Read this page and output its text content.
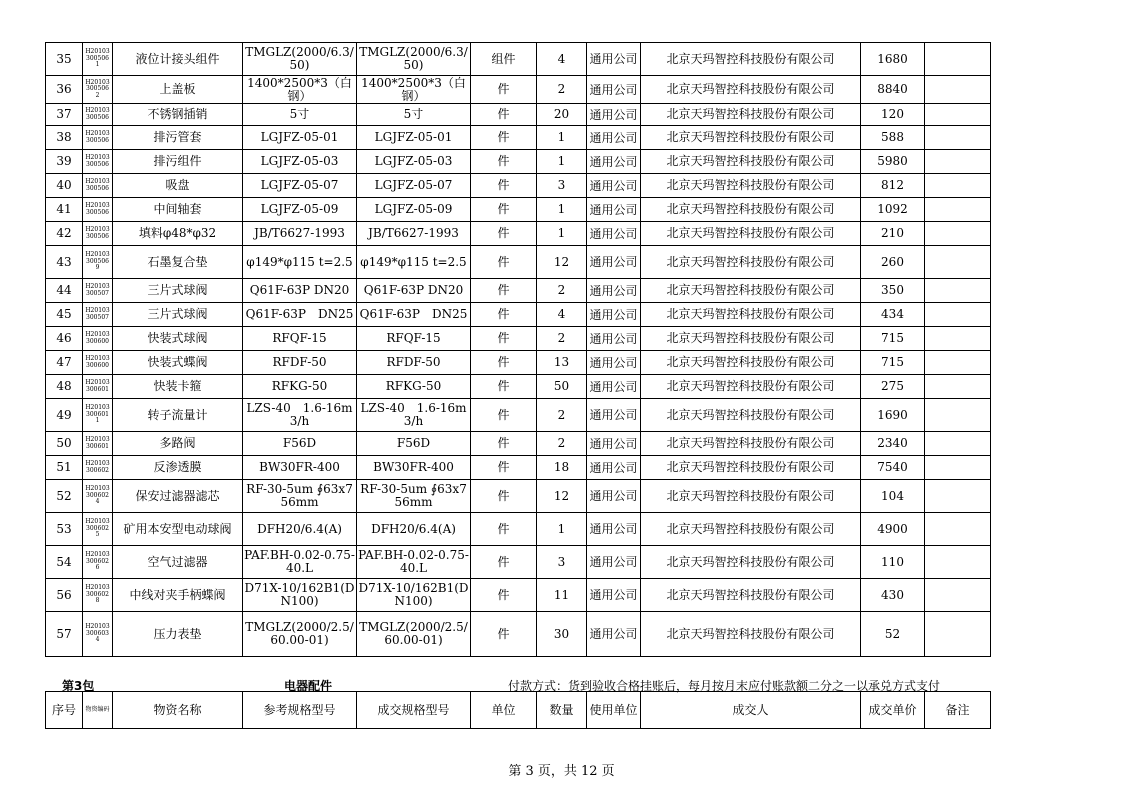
35	H20103 300506 1	液位计接头组件	TMGLZ(2000/6.3/50)	TMGLZ(2000/6.3/50)	组件	4	通用公司	北京天玛智控科技股份有限公司	1680	
36	H20103 300506 2	上盖板	1400*2500*3（白钢）	1400*2500*3（白钢）	件	2	通用公司	北京天玛智控科技股份有限公司	8840	
37	H20103 300506	不锈钢插销	5寸	5寸	件	20	通用公司	北京天玛智控科技股份有限公司	120	
38	H20103 300506	排污管套	LGJFZ-05-01	LGJFZ-05-01	件	1	通用公司	北京天玛智控科技股份有限公司	588	
39	H20103 300506	排污组件	LGJFZ-05-03	LGJFZ-05-03	件	1	通用公司	北京天玛智控科技股份有限公司	5980	
40	H20103 300506	吸盘	LGJFZ-05-07	LGJFZ-05-07	件	3	通用公司	北京天玛智控科技股份有限公司	812	
41	H20103 300506	中间轴套	LGJFZ-05-09	LGJFZ-05-09	件	1	通用公司	北京天玛智控科技股份有限公司	1092	
42	H20103 300506	填料φ48*φ32	JB/T6627-1993	JB/T6627-1993	件	1	通用公司	北京天玛智控科技股份有限公司	210	
43	H20103 300506 9	石墨复合垫	φ149*φ115 t=2.5	φ149*φ115 t=2.5	件	12	通用公司	北京天玛智控科技股份有限公司	260	
44	H20103 300507	三片式球阀	Q61F-63P DN20	Q61F-63P DN20	件	2	通用公司	北京天玛智控科技股份有限公司	350	
45	H20103 300507	三片式球阀	Q61F-63P　DN25	Q61F-63P　DN25	件	4	通用公司	北京天玛智控科技股份有限公司	434	
46	H20103 300600	快装式球阀	RFQF-15	RFQF-15	件	2	通用公司	北京天玛智控科技股份有限公司	715	
47	H20103 300600	快装式蝶阀	RFDF-50	RFDF-50	件	13	通用公司	北京天玛智控科技股份有限公司	715	
48	H20103 300601	快装卡箍	RFKG-50	RFKG-50	件	50	通用公司	北京天玛智控科技股份有限公司	275	
49	H20103 300601 1	转子流量计	LZS-40　1.6-16m3/h	LZS-40　1.6-16m3/h	件	2	通用公司	北京天玛智控科技股份有限公司	1690	
50	H20103 300601	多路阀	F56D	F56D	件	2	通用公司	北京天玛智控科技股份有限公司	2340	
51	H20103 300602	反渗透膜	BW30FR-400	BW30FR-400	件	18	通用公司	北京天玛智控科技股份有限公司	7540	
52	H20103 300602 4	保安过滤器滤芯	RF-30-5um ∮63x756mm	RF-30-5um ∮63x756mm	件	12	通用公司	北京天玛智控科技股份有限公司	104	
53	H20103 300602 5	矿用本安型电动球阀	DFH20/6.4(A)	DFH20/6.4(A)	件	1	通用公司	北京天玛智控科技股份有限公司	4900	
54	H20103 300602 6	空气过滤器	PAF.BH-0.02-0.75-40.L	PAF.BH-0.02-0.75-40.L	件	3	通用公司	北京天玛智控科技股份有限公司	110	
56	H20103 300602 8	中线对夹手柄蝶阀	D71X-10/162B1(DN100)	D71X-10/162B1(DN100)	件	11	通用公司	北京天玛智控科技股份有限公司	430	
57	H20103 300603 4	压力表垫	TMGLZ(2000/2.5/60.00-01)	TMGLZ(2000/2.5/60.00-01)	件	30	通用公司	北京天玛智控科技股份有限公司	52	
第3包	电器配件	付款方式：货到验收合格挂账后，每月按月末应付账款额二分之一以承兑方式支付
序号	物资编码	物资名称	参考规格型号	成交规格型号	单位	数量	使用单位	成交人	成交单价	备注
第 3 页，共 12 页
